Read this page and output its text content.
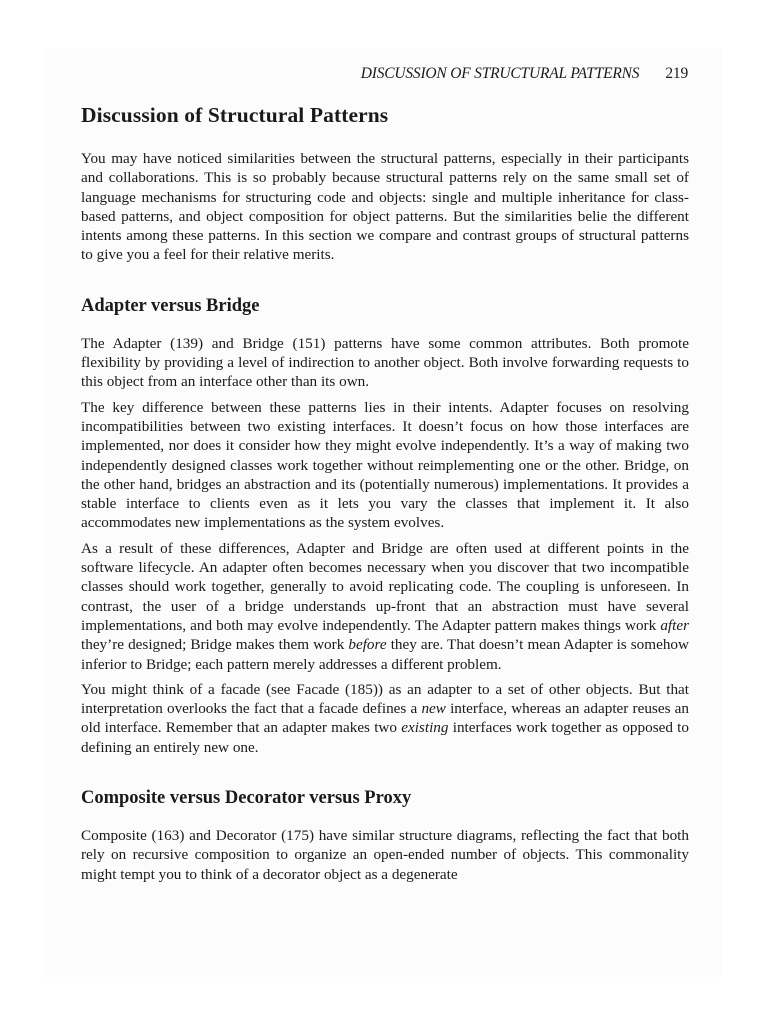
DISCUSSION OF STRUCTURAL PATTERNS 219
Discussion of Structural Patterns

You may have noticed similarities between the structural patterns, especially in their participants and collaborations. This is so probably because structural patterns rely on the same small set of language mechanisms for structuring code and objects: single and multiple inheritance for class-based patterns, and object composition for object patterns. But the similarities belie the different intents among these patterns. In this section we compare and contrast groups of structural patterns to give you a feel for their relative merits.

Adapter versus Bridge

The Adapter (139) and Bridge (151) patterns have some common attributes. Both promote flexibility by providing a level of indirection to another object. Both involve forwarding requests to this object from an interface other than its own.

The key difference between these patterns lies in their intents. Adapter focuses on resolving incompatibilities between two existing interfaces. It doesn’t focus on how those interfaces are implemented, nor does it consider how they might evolve independently. It’s a way of making two independently designed classes work together without reimplementing one or the other. Bridge, on the other hand, bridges an abstraction and its (potentially numerous) implementations. It provides a stable interface to clients even as it lets you vary the classes that implement it. It also accommodates new implementations as the system evolves.

As a result of these differences, Adapter and Bridge are often used at different points in the software lifecycle. An adapter often becomes necessary when you discover that two incompatible classes should work together, generally to avoid replicating code. The coupling is unforeseen. In contrast, the user of a bridge understands up-front that an abstraction must have several implementations, and both may evolve independently. The Adapter pattern makes things work after they’re designed; Bridge makes them work before they are. That doesn’t mean Adapter is somehow inferior to Bridge; each pattern merely addresses a different problem.

You might think of a facade (see Facade (185)) as an adapter to a set of other objects. But that interpretation overlooks the fact that a facade defines a new interface, whereas an adapter reuses an old interface. Remember that an adapter makes two existing interfaces work together as opposed to defining an entirely new one.

Composite versus Decorator versus Proxy

Composite (163) and Decorator (175) have similar structure diagrams, reflecting the fact that both rely on recursive composition to organize an open-ended number of objects. This commonality might tempt you to think of a decorator object as a degenerate
